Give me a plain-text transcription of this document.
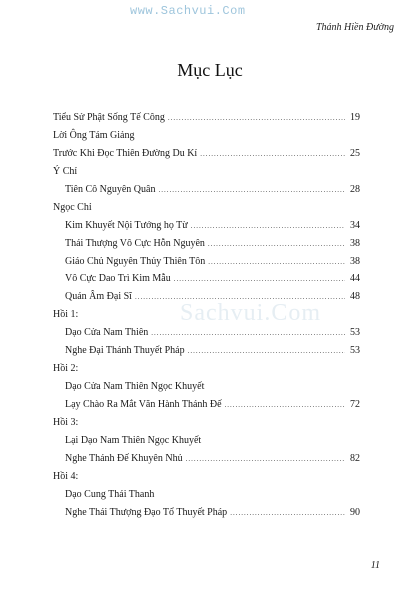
www.Sachvui.Com
Thánh Hiền Đường
Sachvui.Com
Mục Lục
Tiểu Sử Phật Sống Tế Công .....	19
Lời Ông Tám Giảng
Trước Khi Đọc Thiên Đường Du Kí .....	25
Ý Chỉ
Tiên Cô Nguyên Quân .....	28
Ngọc Chỉ
Kim Khuyết Nội Tướng họ Từ .....	34
Thái Thượng Vô Cực Hỗn Nguyên .....	38
Giáo Chủ Nguyên Thủy Thiên Tôn .....	38
Vô Cực Dao Trì Kim Mẫu .....	44
Quán Âm Đại Sĩ .....	48
Hồi 1:
Dạo Cửa Nam Thiên .....	53
Nghe Đại Thánh Thuyết Pháp .....	53
Hồi 2:
Dạo Cửa Nam Thiên Ngọc Khuyết
Lạy Chào Ra Mắt Văn Hành Thánh Đế .....	72
Hồi 3:
Lại Dạo Nam Thiên Ngọc Khuyết
Nghe Thánh Đế Khuyên Nhủ .....	82
Hồi 4:
Dạo Cung Thái Thanh
Nghe Thái Thượng Đạo Tổ Thuyết Pháp .....	90
11
